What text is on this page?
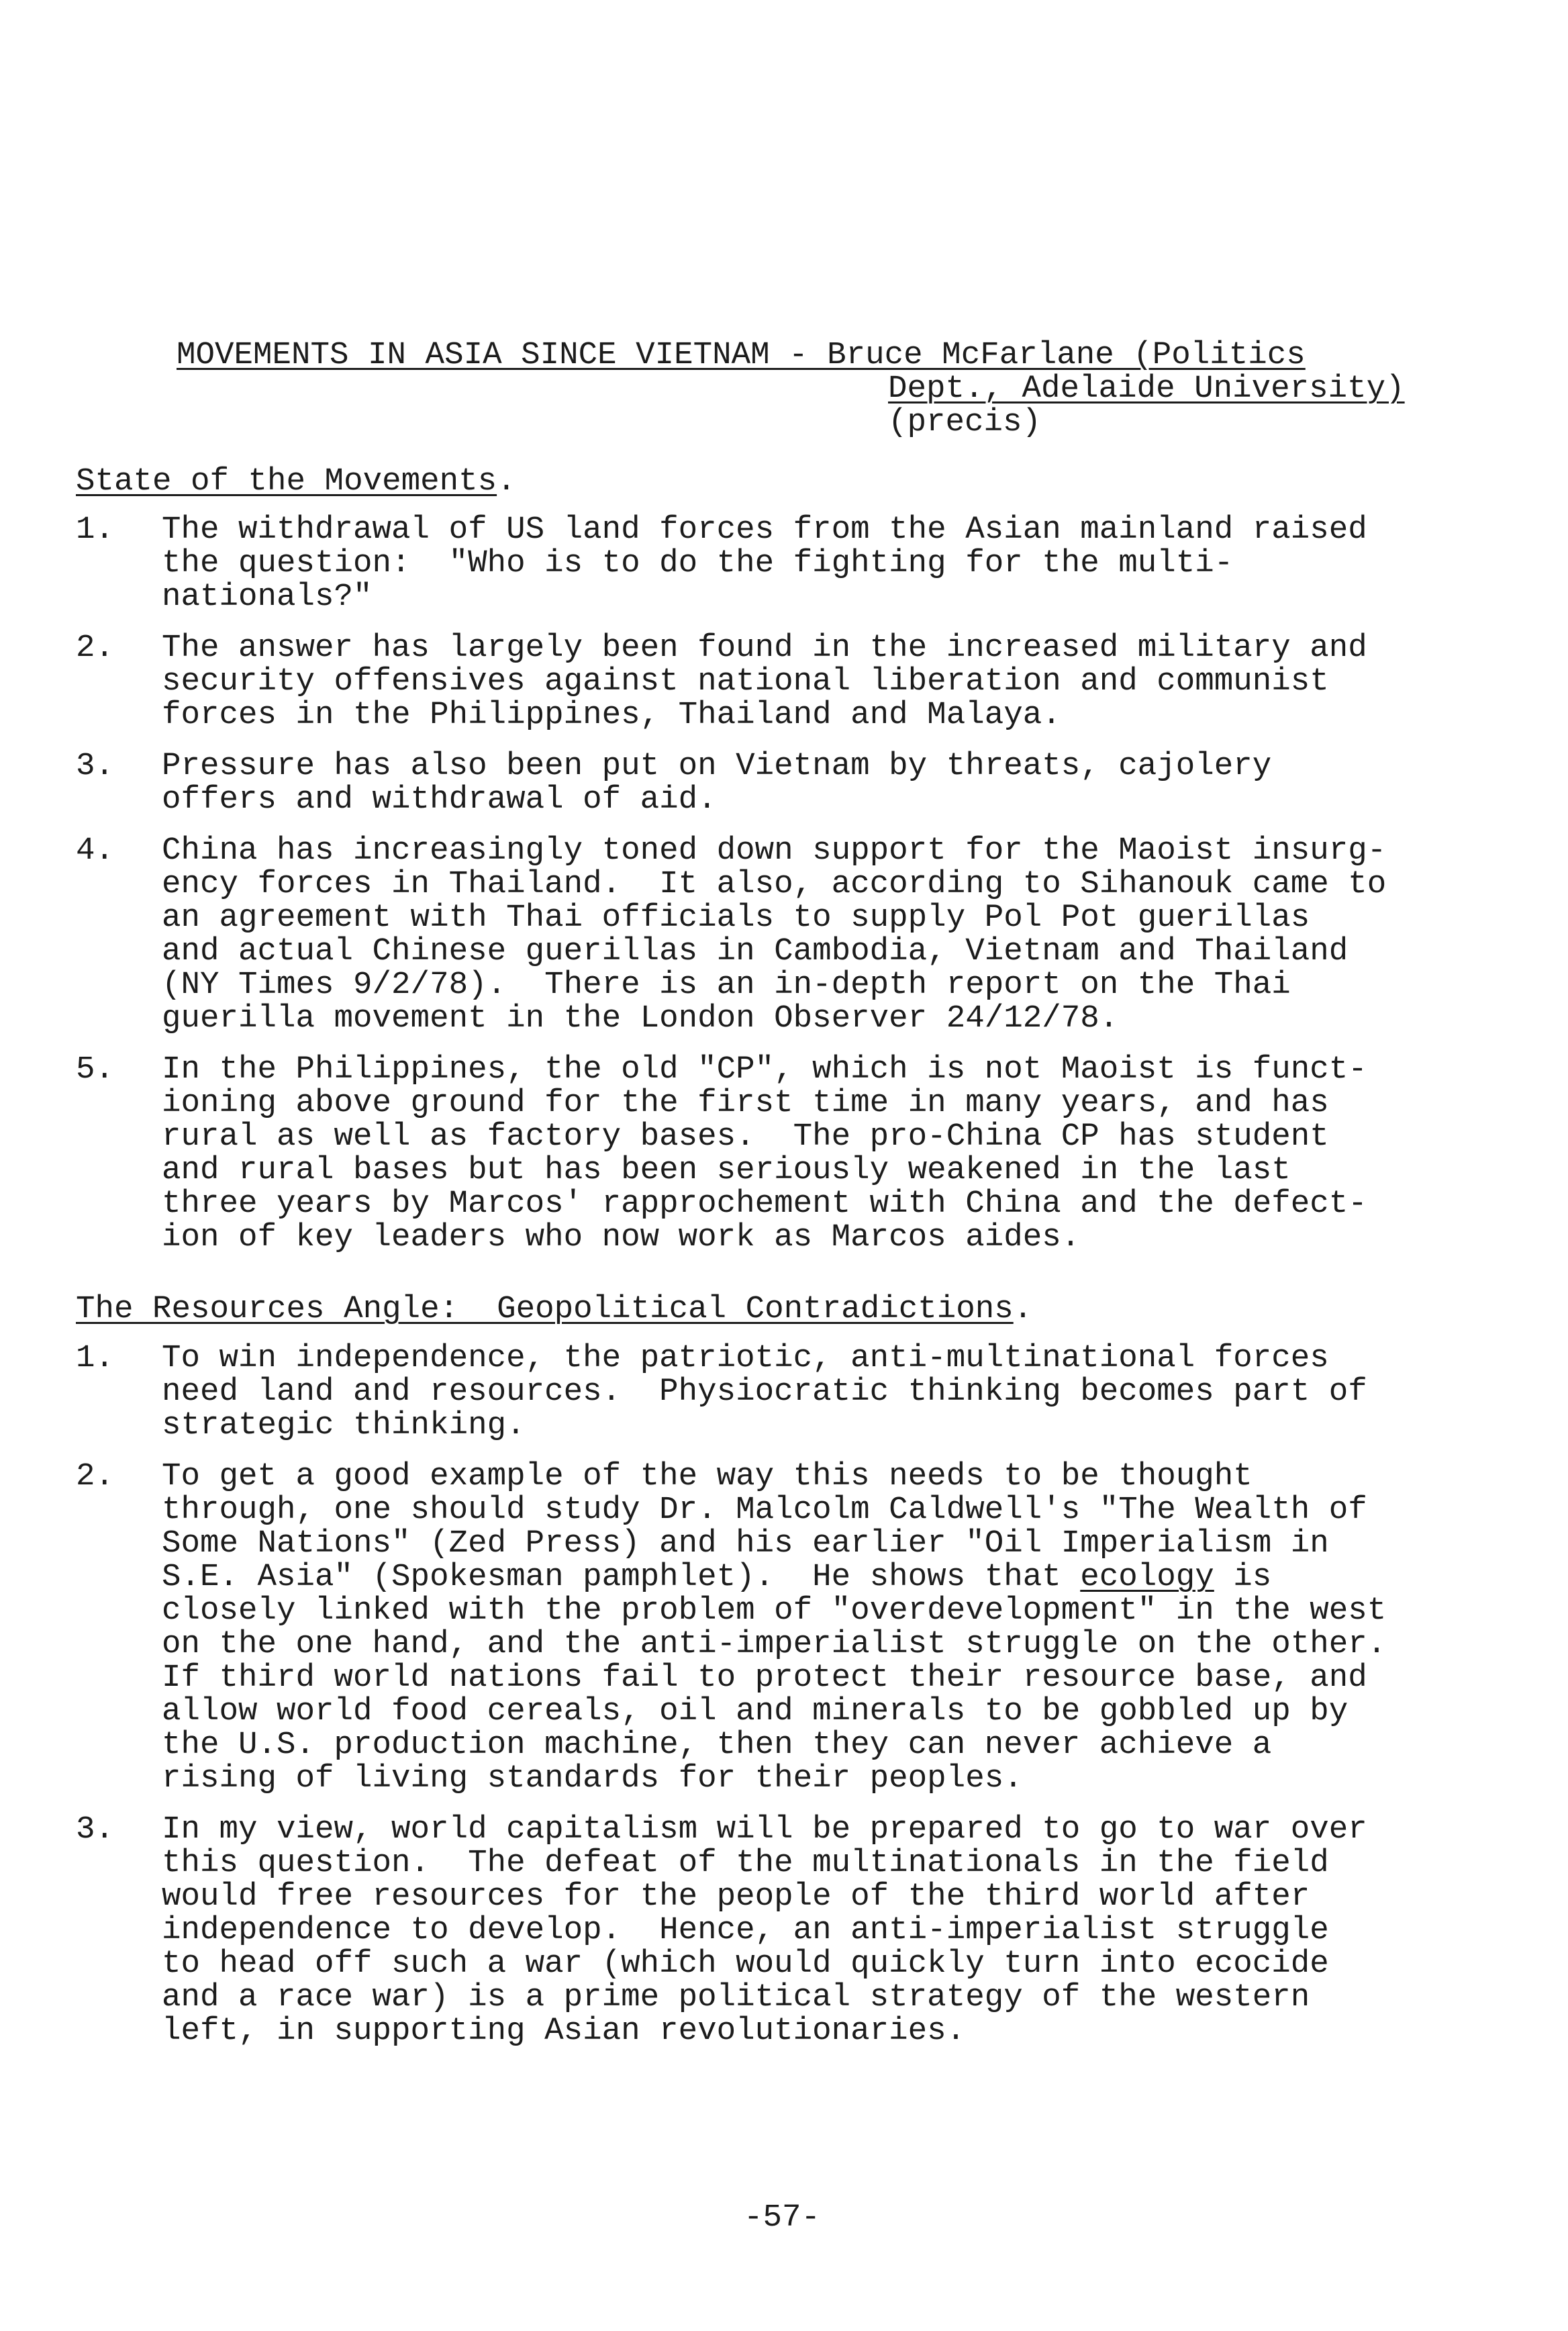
MOVEMENTS IN ASIA SINCE VIETNAM - Bruce McFarlane (Politics
Dept., Adelaide University)
(precis)
State of the Movements.
1.	The withdrawal of US land forces from the Asian mainland raised
the question:  "Who is to do the fighting for the multi-
nationals?"
2.	The answer has largely been found in the increased military and
security offensives against national liberation and communist
forces in the Philippines, Thailand and Malaya.
3.	Pressure has also been put on Vietnam by threats, cajolery
offers and withdrawal of aid.
4.	China has increasingly toned down support for the Maoist insurg-
ency forces in Thailand.  It also, according to Sihanouk came to
an agreement with Thai officials to supply Pol Pot guerillas
and actual Chinese guerillas in Cambodia, Vietnam and Thailand
(NY Times 9/2/78).  There is an in-depth report on the Thai
guerilla movement in the London Observer 24/12/78.
5.	In the Philippines, the old "CP", which is not Maoist is funct-
ioning above ground for the first time in many years, and has
rural as well as factory bases.  The pro-China CP has student
and rural bases but has been seriously weakened in the last
three years by Marcos' rapprochement with China and the defect-
ion of key leaders who now work as Marcos aides.
The Resources Angle:  Geopolitical Contradictions.
1.	To win independence, the patriotic, anti-multinational forces
need land and resources.  Physiocratic thinking becomes part of
strategic thinking.
2.	To get a good example of the way this needs to be thought
through, one should study Dr. Malcolm Caldwell's "The Wealth of
Some Nations" (Zed Press) and his earlier "Oil Imperialism in
S.E. Asia" (Spokesman pamphlet).  He shows that ecology is
closely linked with the problem of "overdevelopment" in the west
on the one hand, and the anti-imperialist struggle on the other.
If third world nations fail to protect their resource base, and
allow world food cereals, oil and minerals to be gobbled up by
the U.S. production machine, then they can never achieve a
rising of living standards for their peoples.
3.	In my view, world capitalism will be prepared to go to war over
this question.  The defeat of the multinationals in the field
would free resources for the people of the third world after
independence to develop.  Hence, an anti-imperialist struggle
to head off such a war (which would quickly turn into ecocide
and a race war) is a prime political strategy of the western
left, in supporting Asian revolutionaries.
-57-
